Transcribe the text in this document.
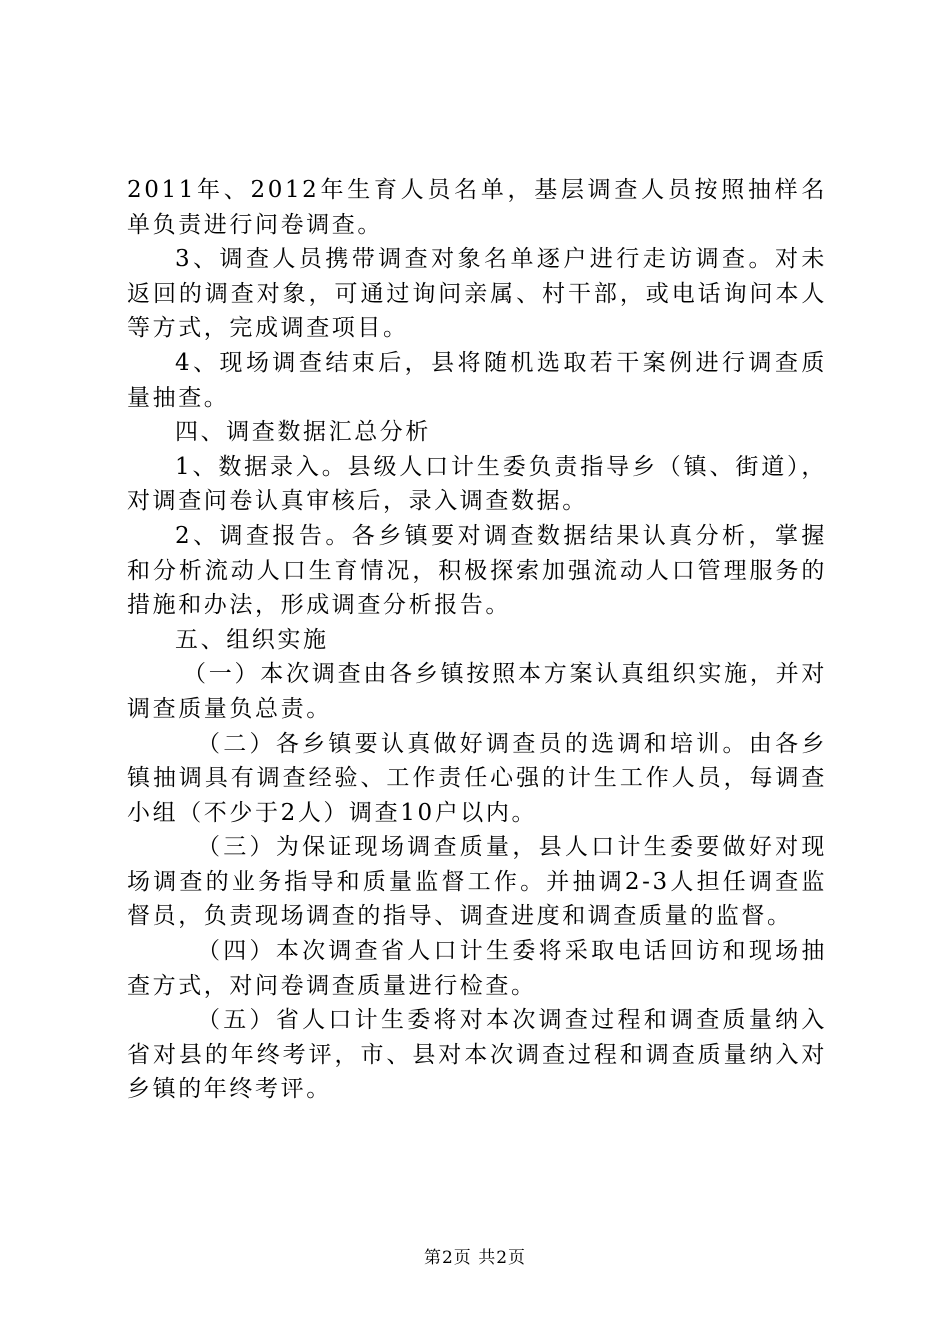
2011年、2012年生育人员名单，基层调查人员按照抽样名单负责进行问卷调查。

3、调查人员携带调查对象名单逐户进行走访调查。对未返回的调查对象，可通过询问亲属、村干部，或电话询问本人等方式，完成调查项目。

4、现场调查结束后，县将随机选取若干案例进行调查质量抽查。

四、调查数据汇总分析

1、数据录入。县级人口计生委负责指导乡（镇、街道），对调查问卷认真审核后，录入调查数据。

2、调查报告。各乡镇要对调查数据结果认真分析，掌握和分析流动人口生育情况，积极探索加强流动人口管理服务的措施和办法，形成调查分析报告。

五、组织实施

（一）本次调查由各乡镇按照本方案认真组织实施，并对调查质量负总责。

（二）各乡镇要认真做好调查员的选调和培训。由各乡镇抽调具有调查经验、工作责任心强的计生工作人员，每调查小组（不少于2人）调查10户以内。

（三）为保证现场调查质量，县人口计生委要做好对现场调查的业务指导和质量监督工作。并抽调2-3人担任调查监督员，负责现场调查的指导、调查进度和调查质量的监督。

（四）本次调查省人口计生委将采取电话回访和现场抽查方式，对问卷调查质量进行检查。

（五）省人口计生委将对本次调查过程和调查质量纳入省对县的年终考评，市、县对本次调查过程和调查质量纳入对乡镇的年终考评。

第2页 共2页
